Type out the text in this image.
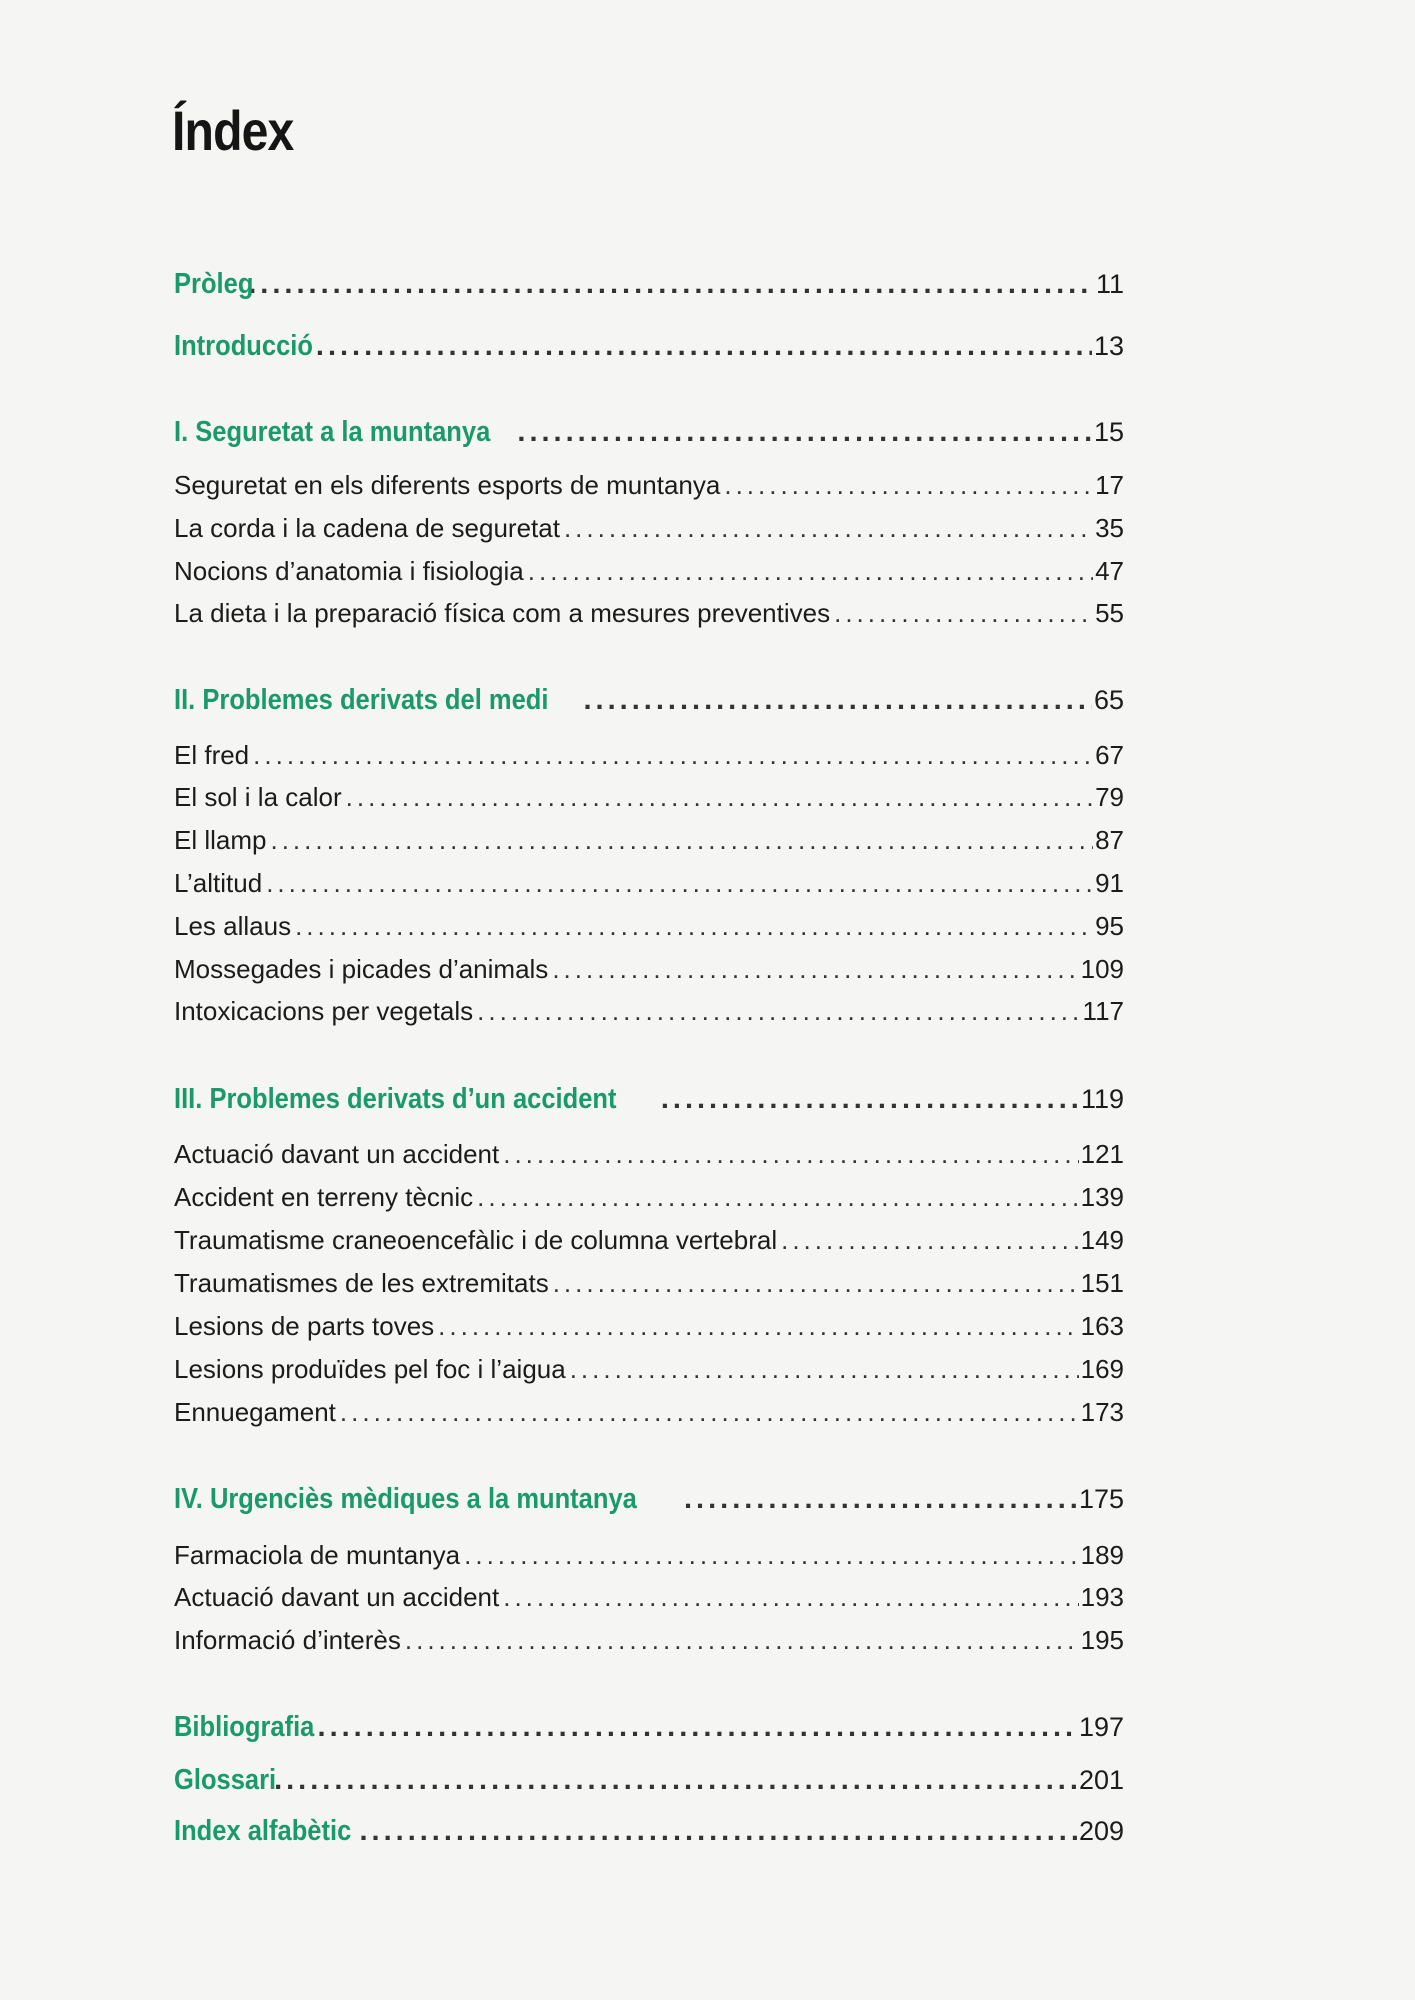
Índex
Pròleg .....	11
Introducció .....	13
I. Seguretat a la muntanya .....	15
Seguretat en els diferents esports de muntanya .....	17
La corda i la cadena de seguretat .....	35
Nocions d’anatomia i fisiologia .....	47
La dieta i la preparació física com a mesures preventives .....	55
II. Problemes derivats del medi .....	65
El fred .....	67
El sol i la calor .....	79
El llamp .....	87
L’altitud .....	91
Les allaus .....	95
Mossegades i picades d’animals .....	109
Intoxicacions per vegetals .....	117
III. Problemes derivats d’un accident .....	119
Actuació davant un accident .....	121
Accident en terreny tècnic .....	139
Traumatisme craneoencefàlic i de columna vertebral .....	149
Traumatismes de les extremitats .....	151
Lesions de parts toves .....	163
Lesions produïdes pel foc i l’aigua .....	169
Ennuegament .....	173
IV. Urgenciès mèdiques a la muntanya .....	175
Farmaciola de muntanya .....	189
Actuació davant un accident .....	193
Informació d’interès .....	195
Bibliografia .....	197
Glossari .....	201
Index alfabètic .....	209
